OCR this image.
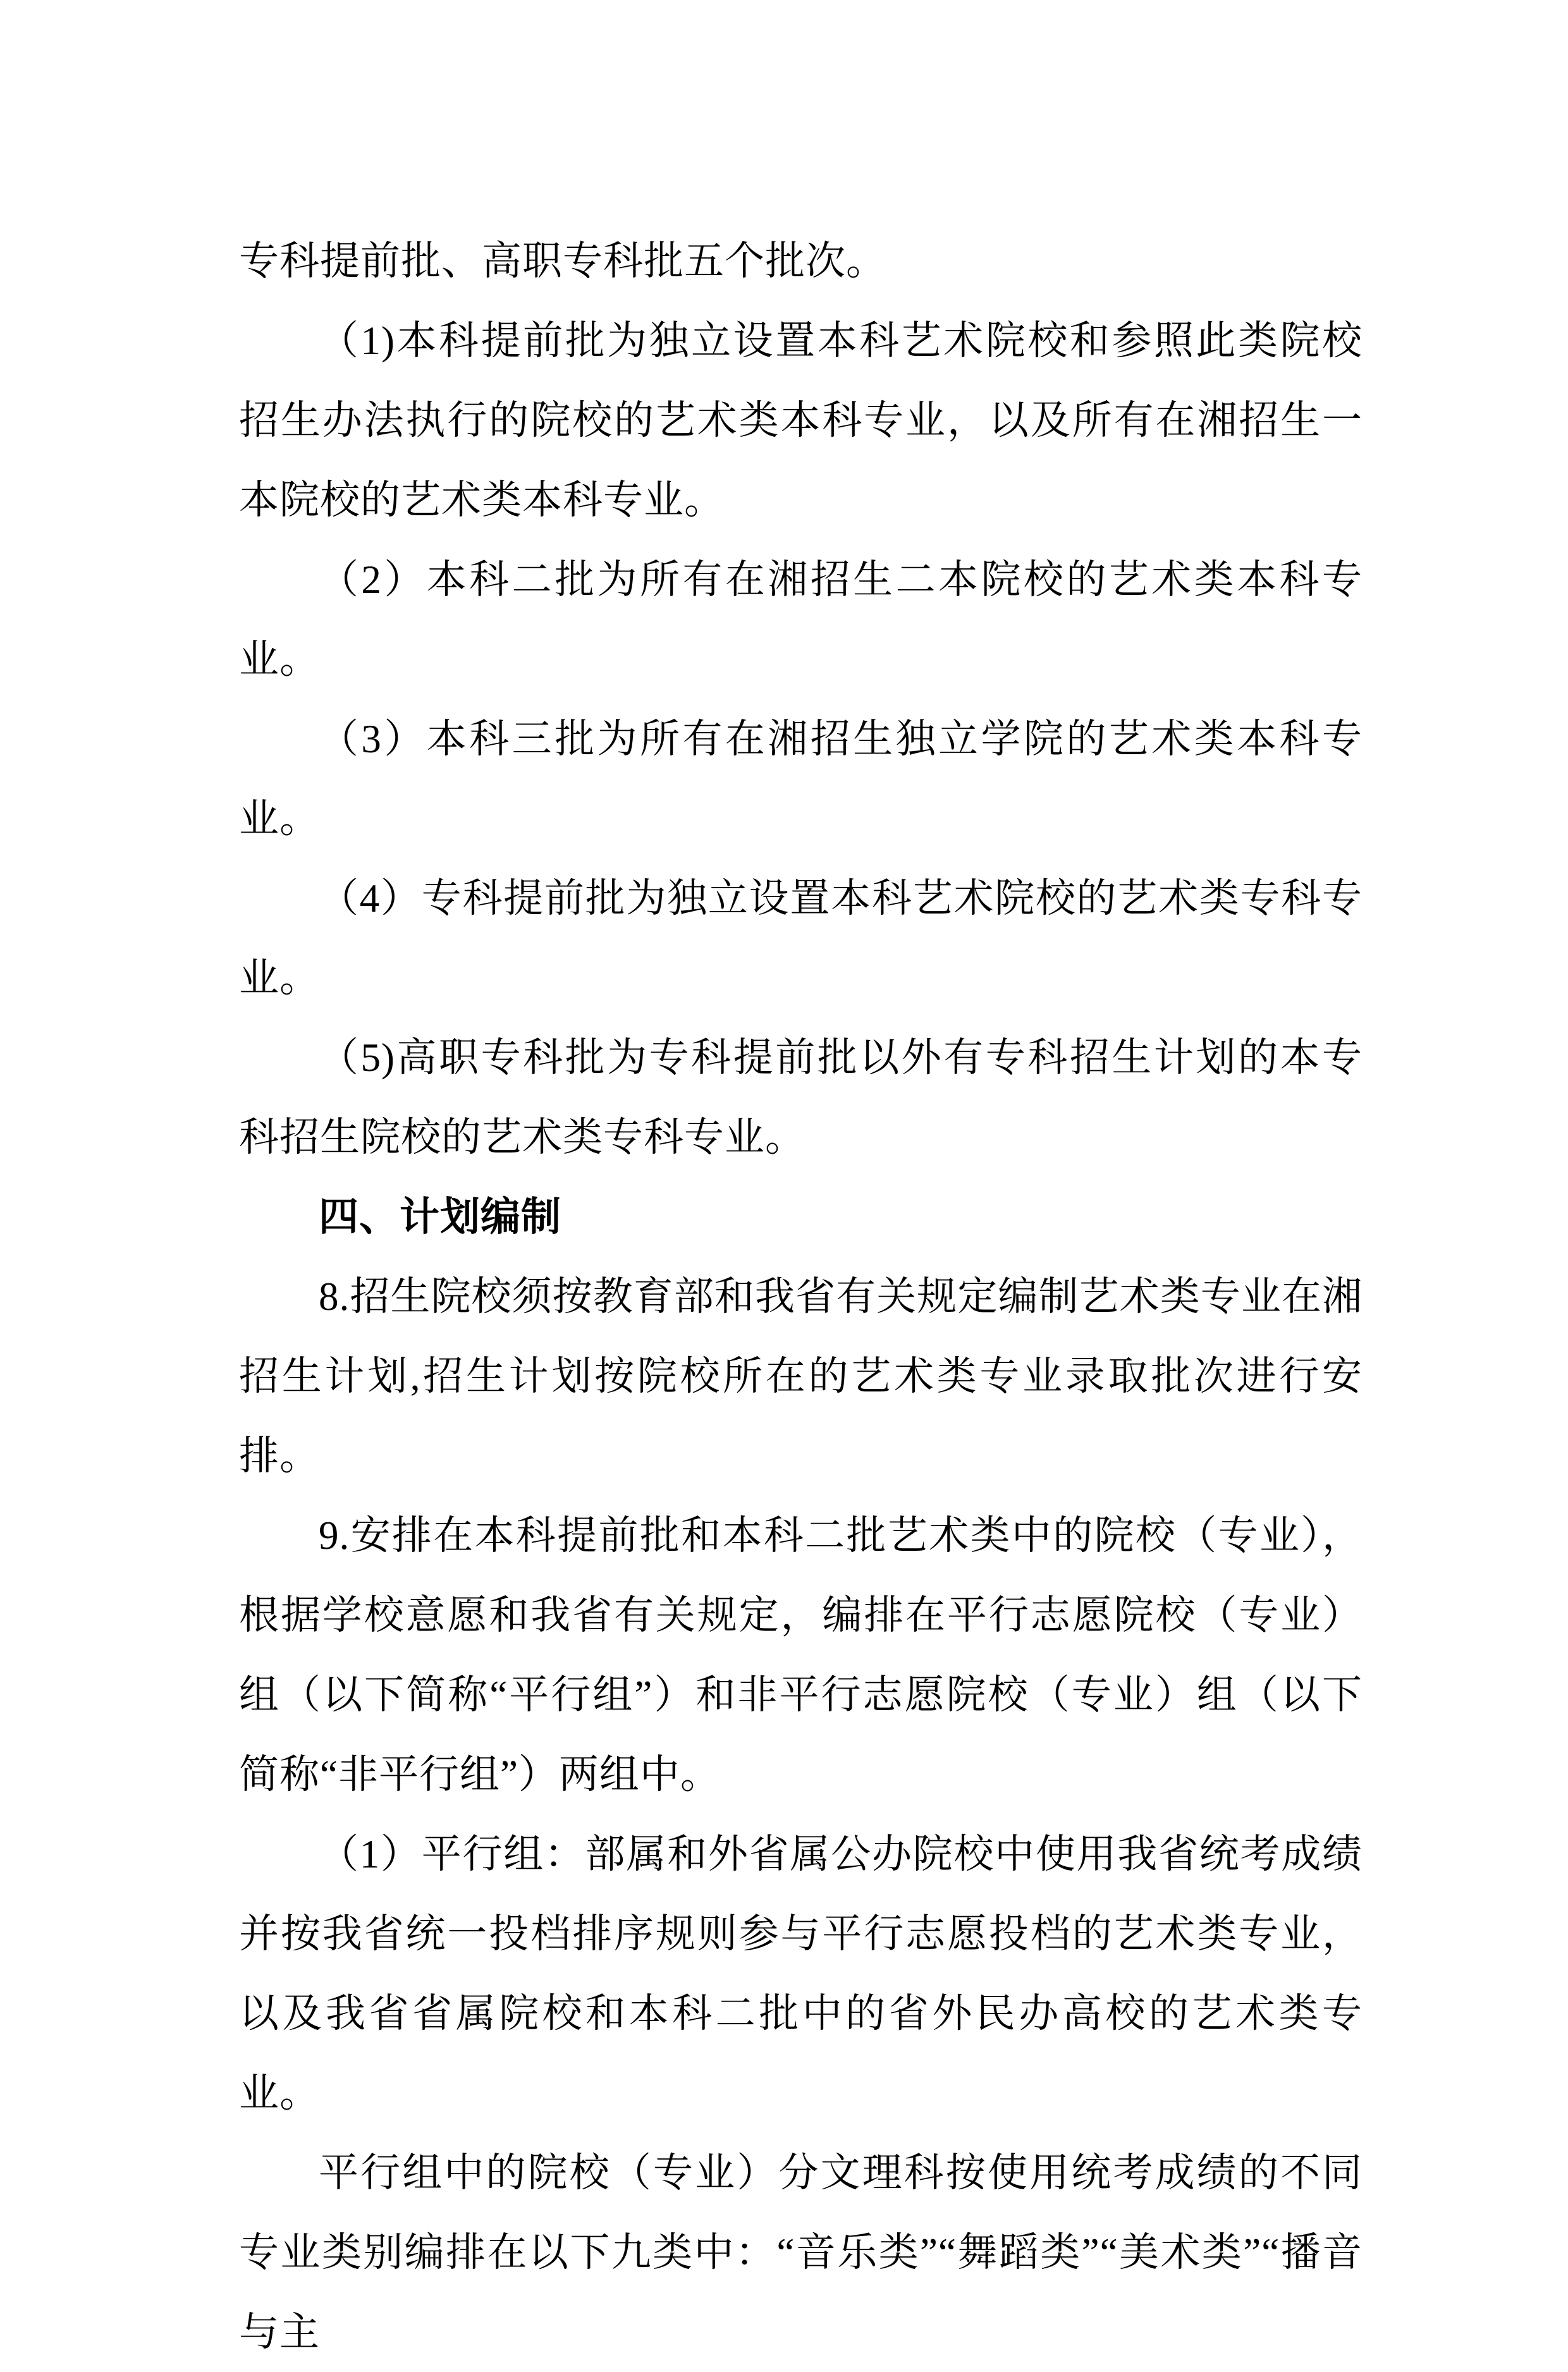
专科提前批、高职专科批五个批次。

（1)本科提前批为独立设置本科艺术院校和参照此类院校招生办法执行的院校的艺术类本科专业，以及所有在湘招生一本院校的艺术类本科专业。

（2）本科二批为所有在湘招生二本院校的艺术类本科专业。

（3）本科三批为所有在湘招生独立学院的艺术类本科专业。

（4）专科提前批为独立设置本科艺术院校的艺术类专科专业。

（5)高职专科批为专科提前批以外有专科招生计划的本专科招生院校的艺术类专科专业。

四、计划编制

8.招生院校须按教育部和我省有关规定编制艺术类专业在湘招生计划,招生计划按院校所在的艺术类专业录取批次进行安排。

9.安排在本科提前批和本科二批艺术类中的院校（专业），根据学校意愿和我省有关规定，编排在平行志愿院校（专业）组（以下简称“平行组”）和非平行志愿院校（专业）组（以下简称“非平行组”）两组中。

（1）平行组：部属和外省属公办院校中使用我省统考成绩并按我省统一投档排序规则参与平行志愿投档的艺术类专业，以及我省省属院校和本科二批中的省外民办高校的艺术类专业。

平行组中的院校（专业）分文理科按使用统考成绩的不同专业类别编排在以下九类中：“音乐类”“舞蹈类”“美术类”“播音与主
